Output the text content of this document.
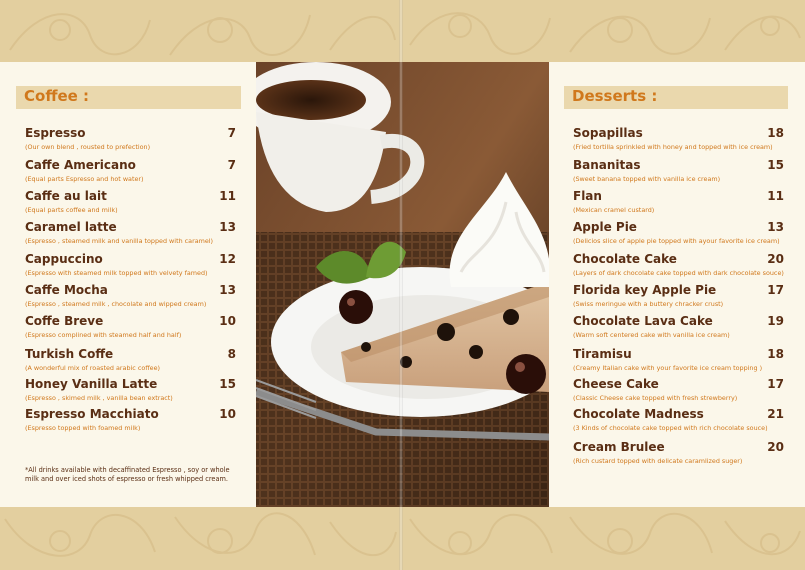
Coffee :
Espresso	7
(Our own blend , rousted to prefection)
Caffe Americano	7
(Equal parts Espresso and hot water)
Caffe au lait	11
(Equal parts coffee and milk)
Caramel latte	13
(Espresso , steamed milk and vanilla topped with caramel)
Cappuccino	12
(Espresso with steamed milk topped with velvety famed)
Caffe Mocha	13
(Espresso , steamed milk , chocolate and wipped cream)
Coffe Breve	10
(Espresso complined with steamed half and half)
Turkish Coffe	8
(A wonderful mix of roasted arabic coffee)
Honey Vanilla Latte	15
(Espresso , skimed milk , vanilla bean extract)
Espresso Macchiato	10
(Espresso topped with foamed milk)
*All drinks available with decaffinated Espresso , soy or whole milk and over iced shots of espresso or fresh whipped cream.
Desserts :
Sopapillas	18
(Fried tortilla sprinkled with honey and topped with ice cream)
Bananitas	15
(Sweet banana topped with vanilla ice cream)
Flan	11
(Mexican cramel custard)
Apple Pie	13
(Delicios slice of apple pie topped with ayour favorite ice cream)
Chocolate Cake	20
(Layers of dark chocolate cake topped with dark chocolate souce)
Florida key Apple Pie	17
(Swiss meringue with a buttery chracker crust)
Chocolate Lava Cake	19
(Warm soft centered cake with vanilla ice cream)
Tiramisu	18
(Creamy Italian cake with your favorite ice cream topping )
Cheese Cake	17
(Classic Cheese cake topped with fresh strewberry)
Chocolate Madness	21
(3 Kinds of chocolate cake topped with rich chocolate souce)
Cream Brulee	20
(Rich custard topped with delicate caramlized suger)
